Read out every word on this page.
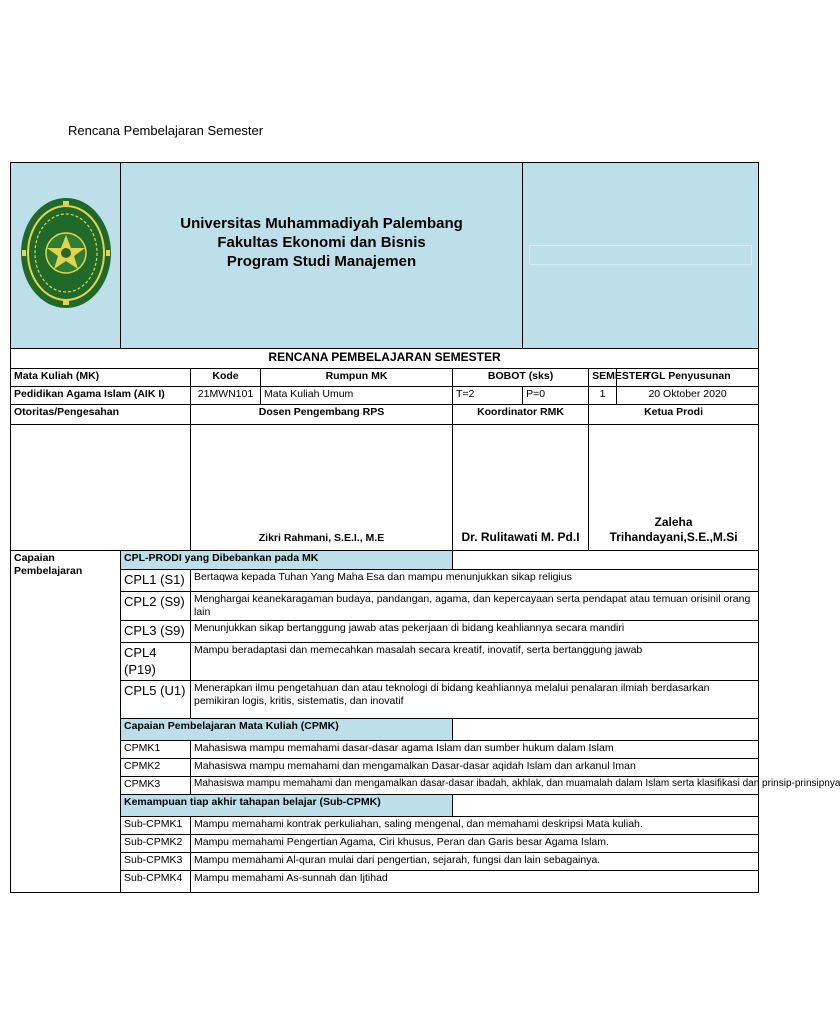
Rencana Pembelajaran Semester

Universitas Muhammadiyah Palembang
Fakultas Ekonomi dan Bisnis
Program Studi Manajemen						

RENCANA PEMBELAJARAN SEMESTER							
Mata Kuliah (MK)		Kode	Rumpun MK	BOBOT (sks)		SEMESTER	TGL Penyusunan
Pedidikan Agama Islam (AIK I)		21MWN101	Mata Kuliah Umum	T=2	P=0	1	20 Oktober 2020
Otoritas/Pengesahan		Dosen Pengembang RPS		Koordinator RMK		Ketua Prodi	

		Zikri Rahmani, S.E.I., M.E		Dr. Rulitawati M. Pd.I		Zaleha Trihandayani,S.E.,M.Si	

Capaian
Pembelajaran	CPL-PRODI yang Dibebankan pada MK						
	CPL1 (S1)	Bertaqwa kepada Tuhan Yang Maha Esa dan mampu menunjukkan sikap religius					
	CPL2 (S9)	Menghargai keanekaragaman budaya, pandangan, agama, dan kepercayaan serta pendapat atau temuan orisinil orang lain					
	CPL3 (S9)	Menunjukkan sikap bertanggung jawab atas pekerjaan di bidang keahliannya secara mandiri					
	CPL4 (P19)	Mampu beradaptasi dan memecahkan masalah secara kreatif, inovatif, serta bertanggung jawab					
	CPL5 (U1)	Menerapkan ilmu pengetahuan dan atau teknologi di bidang keahliannya melalui penalaran ilmiah berdasarkan pemikiran logis, kritis, sistematis, dan inovatif					
	Capaian Pembelajaran Mata Kuliah (CPMK)						
	CPMK1	Mahasiswa mampu memahami dasar-dasar agama Islam dan sumber hukum dalam Islam					
	CPMK2	Mahasiswa mampu memahami dan mengamalkan Dasar-dasar aqidah Islam dan arkanul Iman					
	CPMK3	Mahasiswa mampu memahami dan mengamalkan dasar-dasar ibadah, akhlak, dan muamalah dalam Islam serta klasifikasi dan prinsip-prinsipnya					
	Kemampuan tiap akhir tahapan belajar (Sub-CPMK)						
	Sub-CPMK1	Mampu memahami kontrak perkuliahan, saling mengenal, dan memahami deskripsi Mata kuliah.					
	Sub-CPMK2	Mampu memahami Pengertian Agama, Ciri khusus, Peran dan Garis besar Agama Islam.					
	Sub-CPMK3	Mampu memahami Al-quran mulai dari pengertian, sejarah, fungsi dan lain sebagainya.					
	Sub-CPMK4	Mampu memahami As-sunnah dan Ijtihad					
